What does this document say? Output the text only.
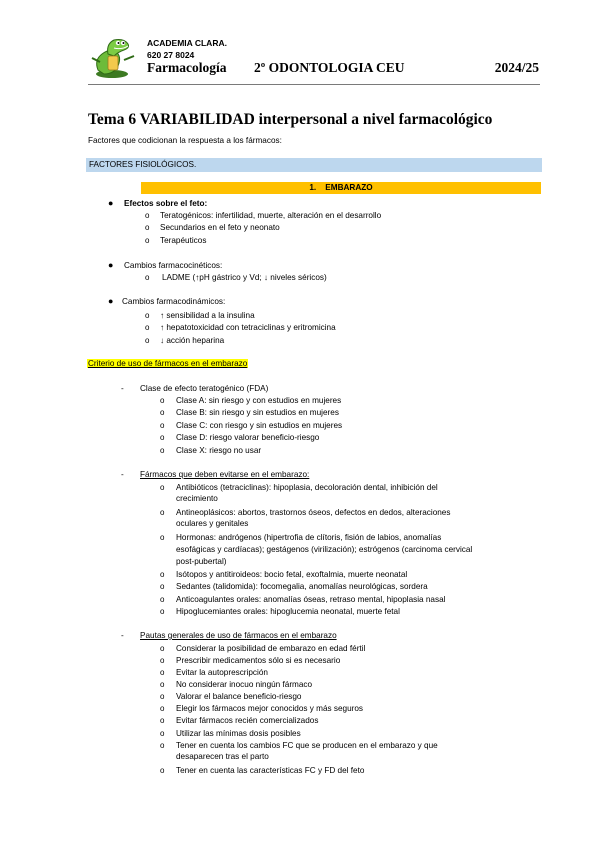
ACADEMIA CLARA.
620 27 8024
Farmacología 2º ODONTOLOGIA CEU	2024/25
Tema 6 VARIABILIDAD interpersonal a nivel farmacológico
Factores que codicionan la respuesta a los fármacos:
FACTORES FISIOLÓGICOS.
1.    EMBARAZO
● Efectos sobre el feto:
o Teratogénicos: infertilidad, muerte, alteración en el desarrollo
o Secundarios en el feto y neonato
o Terapéuticos
● Cambios farmacocinéticos:
o LADME (↑pH gástrico y Vd; ↓ niveles séricos)
● Cambios farmacodinámicos:
o ↑ sensibilidad a la insulina
o ↑ hepatotoxicidad con tetraciclinas y eritromicina
o ↓ acción heparina
Criterio de uso de fármacos en el embarazo
- Clase de efecto teratogénico (FDA)
o Clase A: sin riesgo y con estudios en mujeres
o Clase B: sin riesgo y sin estudios en mujeres
o Clase C: con riesgo y sin estudios en mujeres
o Clase D: riesgo valorar beneficio-riesgo
o Clase X: riesgo no usar
- Fármacos que deben evitarse en el embarazo:
o Antibióticos (tetraciclinas): hipoplasia, decoloración dental, inhibición del
crecimiento
o Antineoplásicos: abortos, trastornos óseos, defectos en dedos, alteraciones
oculares y genitales
o Hormonas: andrógenos (hipertrofia de clítoris, fisión de labios, anomalías
esofágicas y cardíacas); gestágenos (virilización); estrógenos (carcinoma cervical
post-pubertal)
o Isótopos y antitiroideos: bocio fetal, exoftalmia, muerte neonatal
o Sedantes (talidomida): focomegalia, anomalías neurológicas, sordera
o Anticoagulantes orales: anomalías óseas, retraso mental, hipoplasia nasal
o Hipoglucemiantes orales: hipoglucemia neonatal, muerte fetal
- Pautas generales de uso de fármacos en el embarazo
o Considerar la posibilidad de embarazo en edad fértil
o Prescribir medicamentos sólo si es necesario
o Evitar la autoprescripción
o No considerar inocuo ningún fármaco
o Valorar el balance beneficio-riesgo
o Elegir los fármacos mejor conocidos y más seguros
o Evitar fármacos recién comercializados
o Utilizar las mínimas dosis posibles
o Tener en cuenta los cambios FC que se producen en el embarazo y que
desaparecen tras el parto
o Tener en cuenta las características FC y FD del feto
